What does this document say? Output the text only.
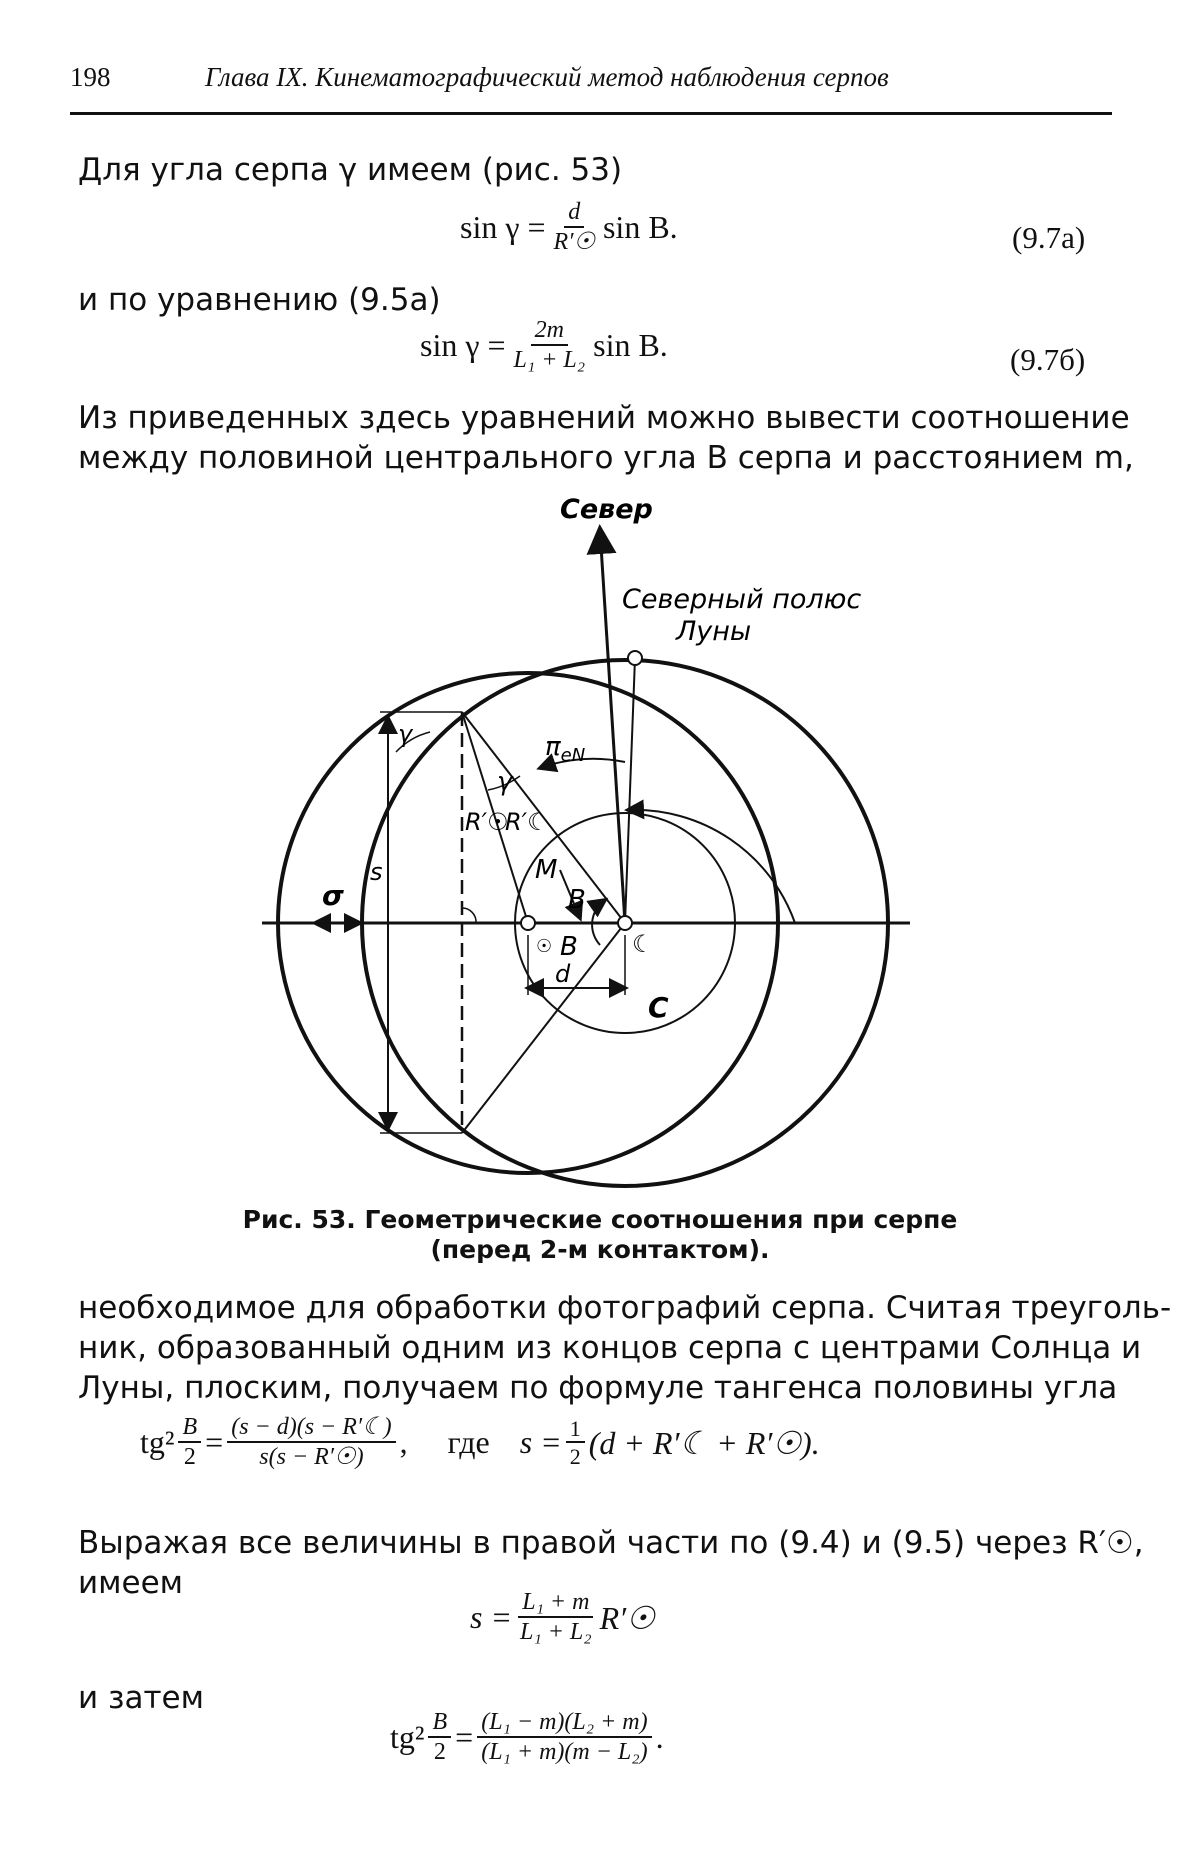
198	Глава IX. Кинематографический метод наблюдения серпов
Для угла серпа γ имеем (рис. 53)
$\sin \gamma = \frac{d}{R'☉}$ sin B.	(9.7а)
и по уравнению (9.5а)
$\sin \gamma = \frac{2m}{\text{L₁ + L₂}}$ sin B.	(9.7б)
Из приведенных здесь уравнений можно вывести соотношение
между половиной центрального угла B серпа и расстоянием m,
Север
Северный полюс
Луны
$\pi_{eN}$
γ
γ
R′☉
R′☾
M
B
B
☉	☾
σ
s
d
C
Рис. 53. Геометрические соотношения при серпе
(перед 2-м контактом).
необходимое для обработки фотографий серпа. Считая треуголь-
ник, образованный одним из концов серпа с центрами Солнца и
Луны, плоским, получаем по формуле тангенса половины угла
$tg^2 \frac{B}{2} = \frac{(s - d)(s - R'☾)}{s(s - R'☉)}$ , где $s = \frac{1}{2} (d$ + R′☾ + R′☉).
Выражая все величины в правой части по (9.4) и (9.5) через R′☉,
имеем
$s = \frac{\text{L₁ + m}}{\text{L₁ + L₂}}$ R′☉
и затем
$tg^2 \frac{B}{2} = \frac{\text{(L₁ − m)(L₂ + m)}}{\text{(L₁ + m)(m − L₂)}}$ .
